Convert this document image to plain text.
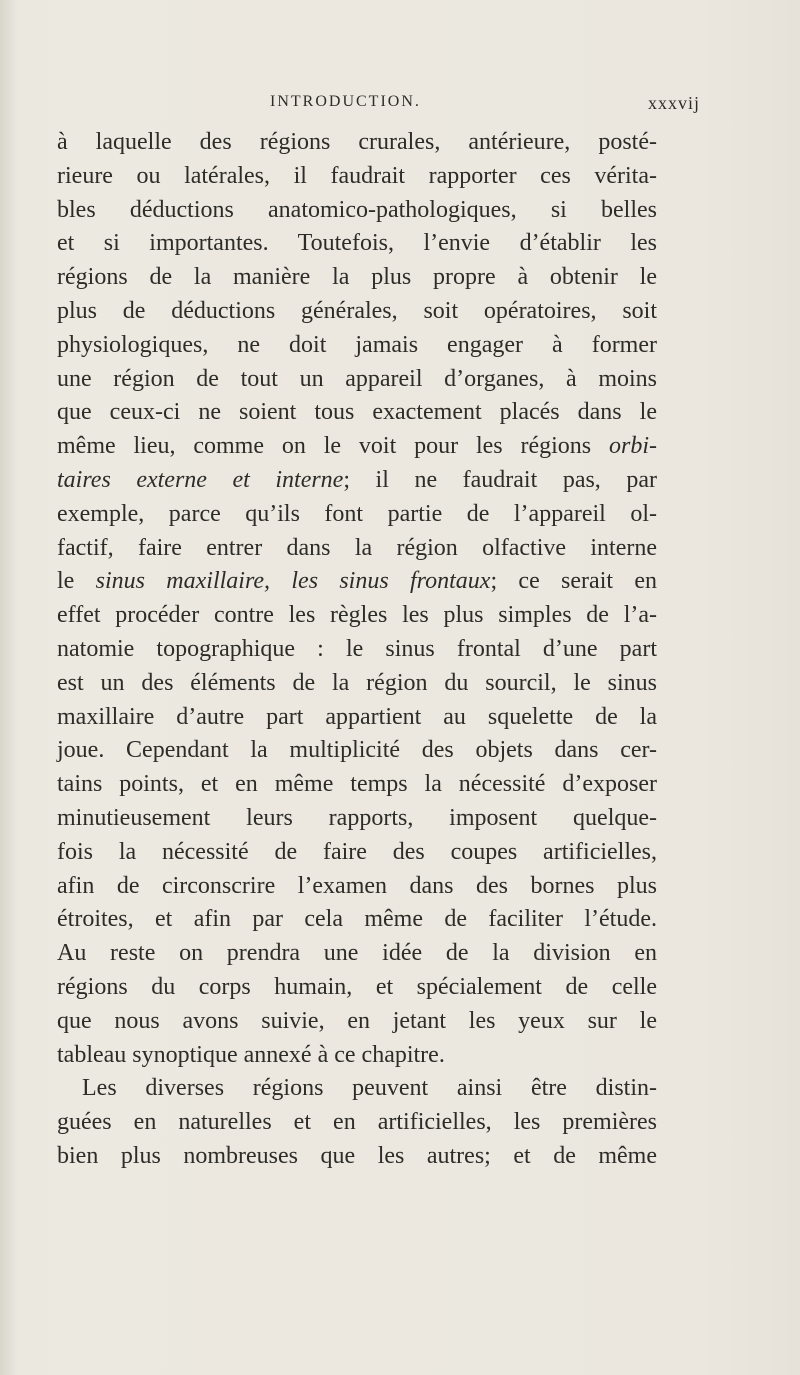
INTRODUCTION.	xxxvij
à laquelle des régions crurales, antérieure, posté-
rieure ou latérales, il faudrait rapporter ces vérita-
bles déductions anatomico-pathologiques, si belles
et si importantes. Toutefois, l’envie d’établir les
régions de la manière la plus propre à obtenir le
plus de déductions générales, soit opératoires, soit
physiologiques, ne doit jamais engager à former
une région de tout un appareil d’organes, à moins
que ceux-ci ne soient tous exactement placés dans le
même lieu, comme on le voit pour les régions orbi-
taires externe et interne; il ne faudrait pas, par
exemple, parce qu’ils font partie de l’appareil ol-
factif, faire entrer dans la région olfactive interne
le sinus maxillaire, les sinus frontaux; ce serait en
effet procéder contre les règles les plus simples de l’a-
natomie topographique : le sinus frontal d’une part
est un des éléments de la région du sourcil, le sinus
maxillaire d’autre part appartient au squelette de la
joue. Cependant la multiplicité des objets dans cer-
tains points, et en même temps la nécessité d’exposer
minutieusement leurs rapports, imposent quelque-
fois la nécessité de faire des coupes artificielles,
afin de circonscrire l’examen dans des bornes plus
étroites, et afin par cela même de faciliter l’étude.
Au reste on prendra une idée de la division en
régions du corps humain, et spécialement de celle
que nous avons suivie, en jetant les yeux sur le
tableau synoptique annexé à ce chapitre.
Les diverses régions peuvent ainsi être distin-
guées en naturelles et en artificielles, les premières
bien plus nombreuses que les autres; et de même
